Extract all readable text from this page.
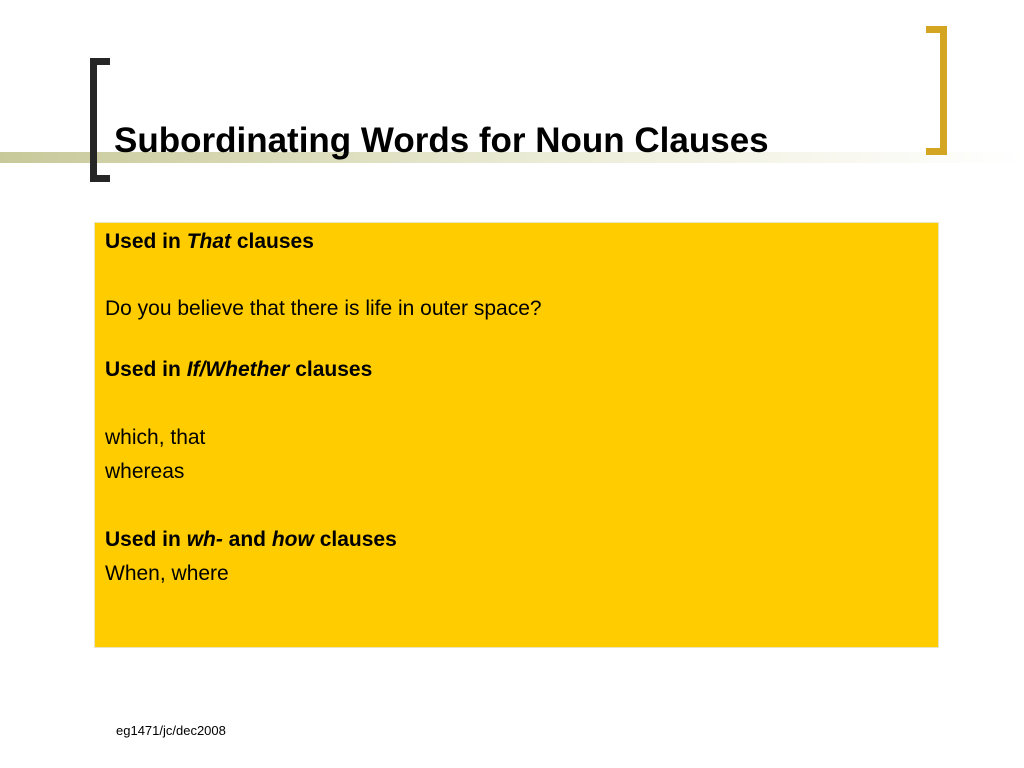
Subordinating Words for Noun Clauses

Used in That clauses

Do you believe that there is life in outer space?

Used in If/Whether clauses

which, that

whereas

Used in wh- and how clauses

When, where

eg1471/jc/dec2008
